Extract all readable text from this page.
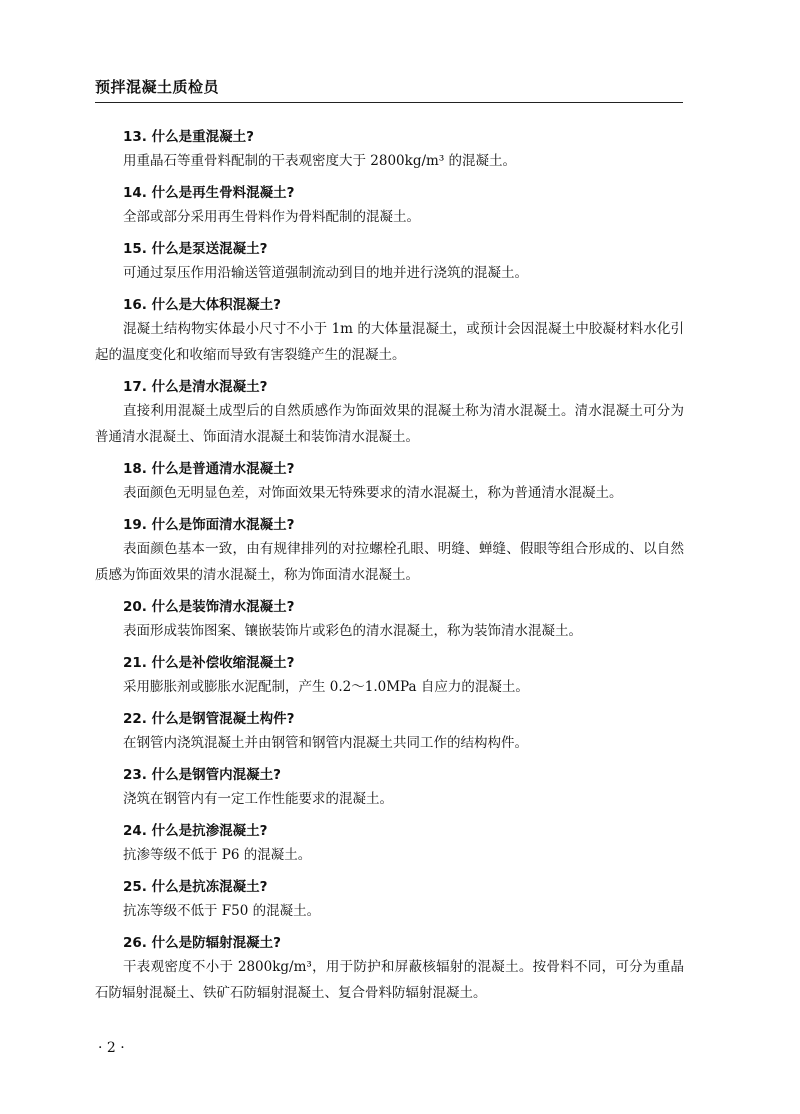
预拌混凝土质检员

13. 什么是重混凝土?

用重晶石等重骨料配制的干表观密度大于 2800kg/m³ 的混凝土。

14. 什么是再生骨料混凝土?

全部或部分采用再生骨料作为骨料配制的混凝土。

15. 什么是泵送混凝土?

可通过泵压作用沿输送管道强制流动到目的地并进行浇筑的混凝土。

16. 什么是大体积混凝土?

混凝土结构物实体最小尺寸不小于 1m 的大体量混凝土，或预计会因混凝土中胶凝材料水化引起的温度变化和收缩而导致有害裂缝产生的混凝土。

17. 什么是清水混凝土?

直接利用混凝土成型后的自然质感作为饰面效果的混凝土称为清水混凝土。清水混凝土可分为普通清水混凝土、饰面清水混凝土和装饰清水混凝土。

18. 什么是普通清水混凝土?

表面颜色无明显色差，对饰面效果无特殊要求的清水混凝土，称为普通清水混凝土。

19. 什么是饰面清水混凝土?

表面颜色基本一致，由有规律排列的对拉螺栓孔眼、明缝、蝉缝、假眼等组合形成的、以自然质感为饰面效果的清水混凝土，称为饰面清水混凝土。

20. 什么是装饰清水混凝土?

表面形成装饰图案、镶嵌装饰片或彩色的清水混凝土，称为装饰清水混凝土。

21. 什么是补偿收缩混凝土?

采用膨胀剂或膨胀水泥配制，产生 0.2～1.0MPa 自应力的混凝土。

22. 什么是钢管混凝土构件?

在钢管内浇筑混凝土并由钢管和钢管内混凝土共同工作的结构构件。

23. 什么是钢管内混凝土?

浇筑在钢管内有一定工作性能要求的混凝土。

24. 什么是抗渗混凝土?

抗渗等级不低于 P6 的混凝土。

25. 什么是抗冻混凝土?

抗冻等级不低于 F50 的混凝土。

26. 什么是防辐射混凝土?

干表观密度不小于 2800kg/m³，用于防护和屏蔽核辐射的混凝土。按骨料不同，可分为重晶石防辐射混凝土、铁矿石防辐射混凝土、复合骨料防辐射混凝土。

· 2 ·
